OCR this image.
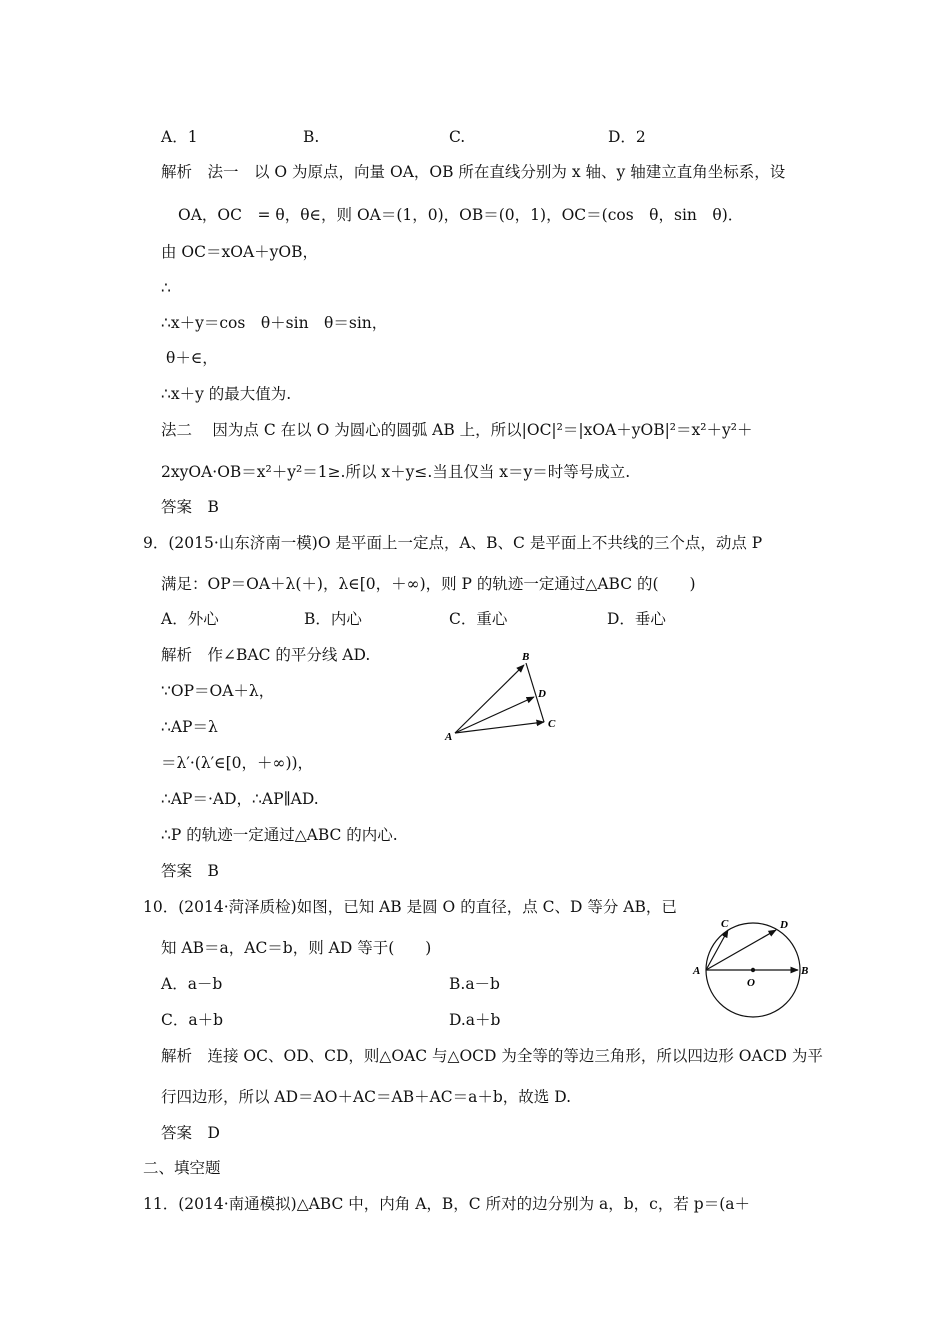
A．1	B.	C.	D．2
解析　法一　以 O 为原点，向量 OA，OB 所在直线分别为 x 轴、y 轴建立直角坐标系，设
OA，OC　= θ，θ∈，则 OA＝(1，0)，OB＝(0，1)，OC＝(cos　θ，sin　θ)．
由 OC＝xOA＋yOB，
∴
∴x＋y＝cos　θ＋sin　θ＝sin，
θ＋∈，
∴x＋y 的最大值为.
法二　 因为点 C 在以 O 为圆心的圆弧 AB 上，所以|OC|²＝|xOA＋yOB|²＝x²＋y²＋
2xyOA·OB＝x²＋y²＝1≥.所以 x＋y≤.当且仅当 x＝y＝时等号成立.
答案　B
9．(2015·山东济南一模)O 是平面上一定点，A、B、C 是平面上不共线的三个点，动点 P
满足：OP＝OA＋λ(＋)，λ∈[0，＋∞)，则 P 的轨迹一定通过△ABC 的(　　)
A．外心	B．内心	C．重心	D．垂心
解析　作∠BAC 的平分线 AD.
∵OP＝OA＋λ，
∴AP＝λ
＝λ′·(λ′∈[0，＋∞))，
∴AP＝·AD，∴AP∥AD.
∴P 的轨迹一定通过△ABC 的内心.
答案　B
B
D
C
A
10．(2014·菏泽质检)如图，已知 AB 是圆 O 的直径，点 C、D 等分 AB，已
知 AB＝a，AC＝b，则 AD 等于(　　)
A．a－b	B.a－b
C．a＋b	D.a＋b
解析　连接 OC、OD、CD，则△OAC 与△OCD 为全等的等边三角形，所以四边形 OACD 为平
行四边形，所以 AD＝AO＋AC＝AB＋AC＝a＋b，故选 D.
答案　D
C	D
A
O
B
二、填空题
11．(2014·南通模拟)△ABC 中，内角 A，B，C 所对的边分别为 a，b，c，若 p＝(a＋
